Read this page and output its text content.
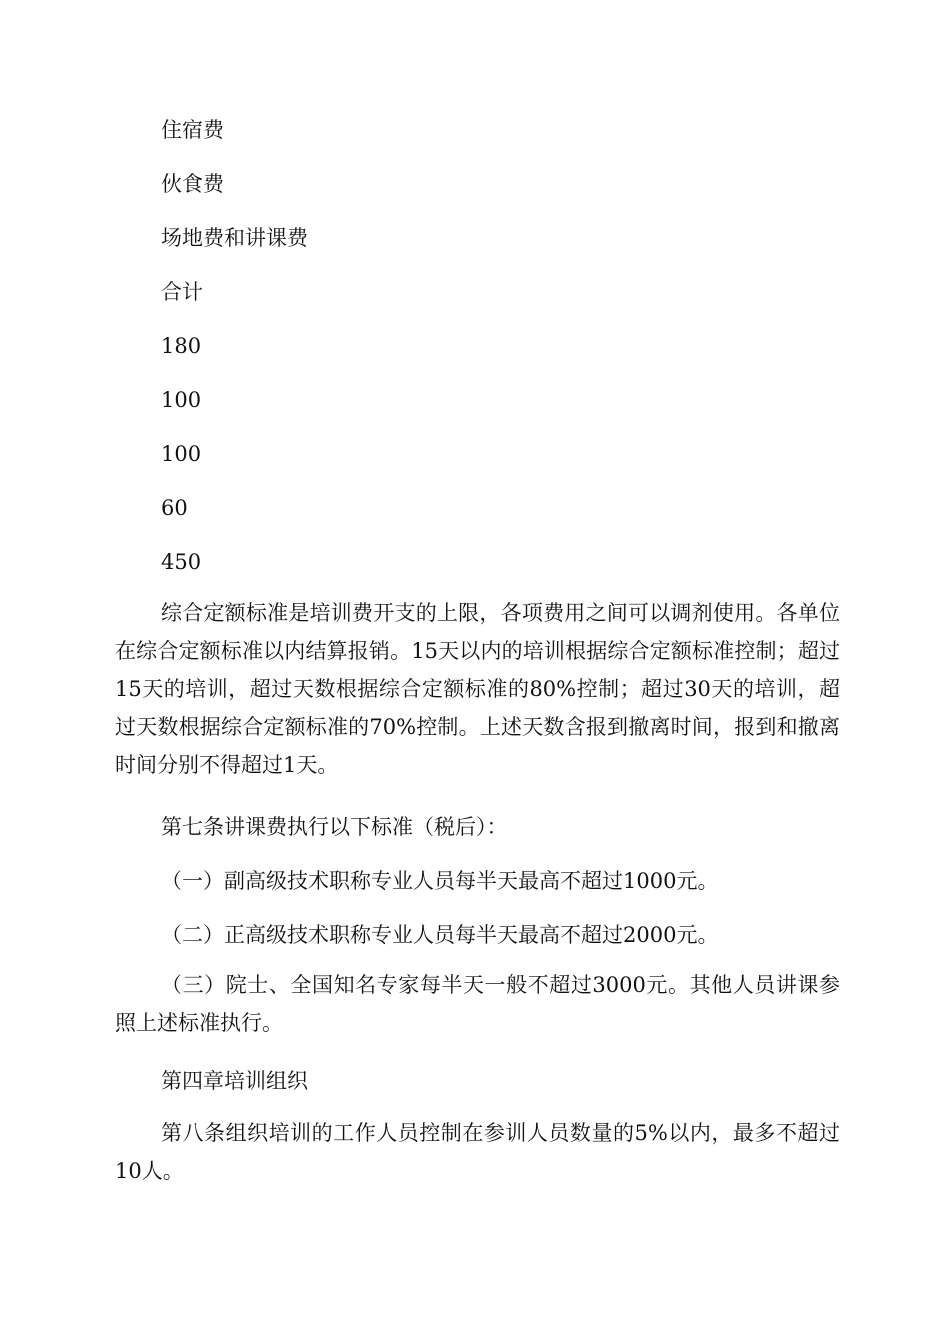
住宿费
伙食费
场地费和讲课费
合计
180
100
100
60
450

综合定额标准是培训费开支的上限，各项费用之间可以调剂使用。各单位在综合定额标准以内结算报销。15天以内的培训根据综合定额标准控制；超过15天的培训，超过天数根据综合定额标准的80%控制；超过30天的培训，超过天数根据综合定额标准的70%控制。上述天数含报到撤离时间，报到和撤离时间分别不得超过1天。

第七条讲课费执行以下标准（税后）：

（一）副高级技术职称专业人员每半天最高不超过1000元。

（二）正高级技术职称专业人员每半天最高不超过2000元。

（三）院士、全国知名专家每半天一般不超过3000元。其他人员讲课参照上述标准执行。

第四章培训组织

第八条组织培训的工作人员控制在参训人员数量的5%以内，最多不超过10人。
